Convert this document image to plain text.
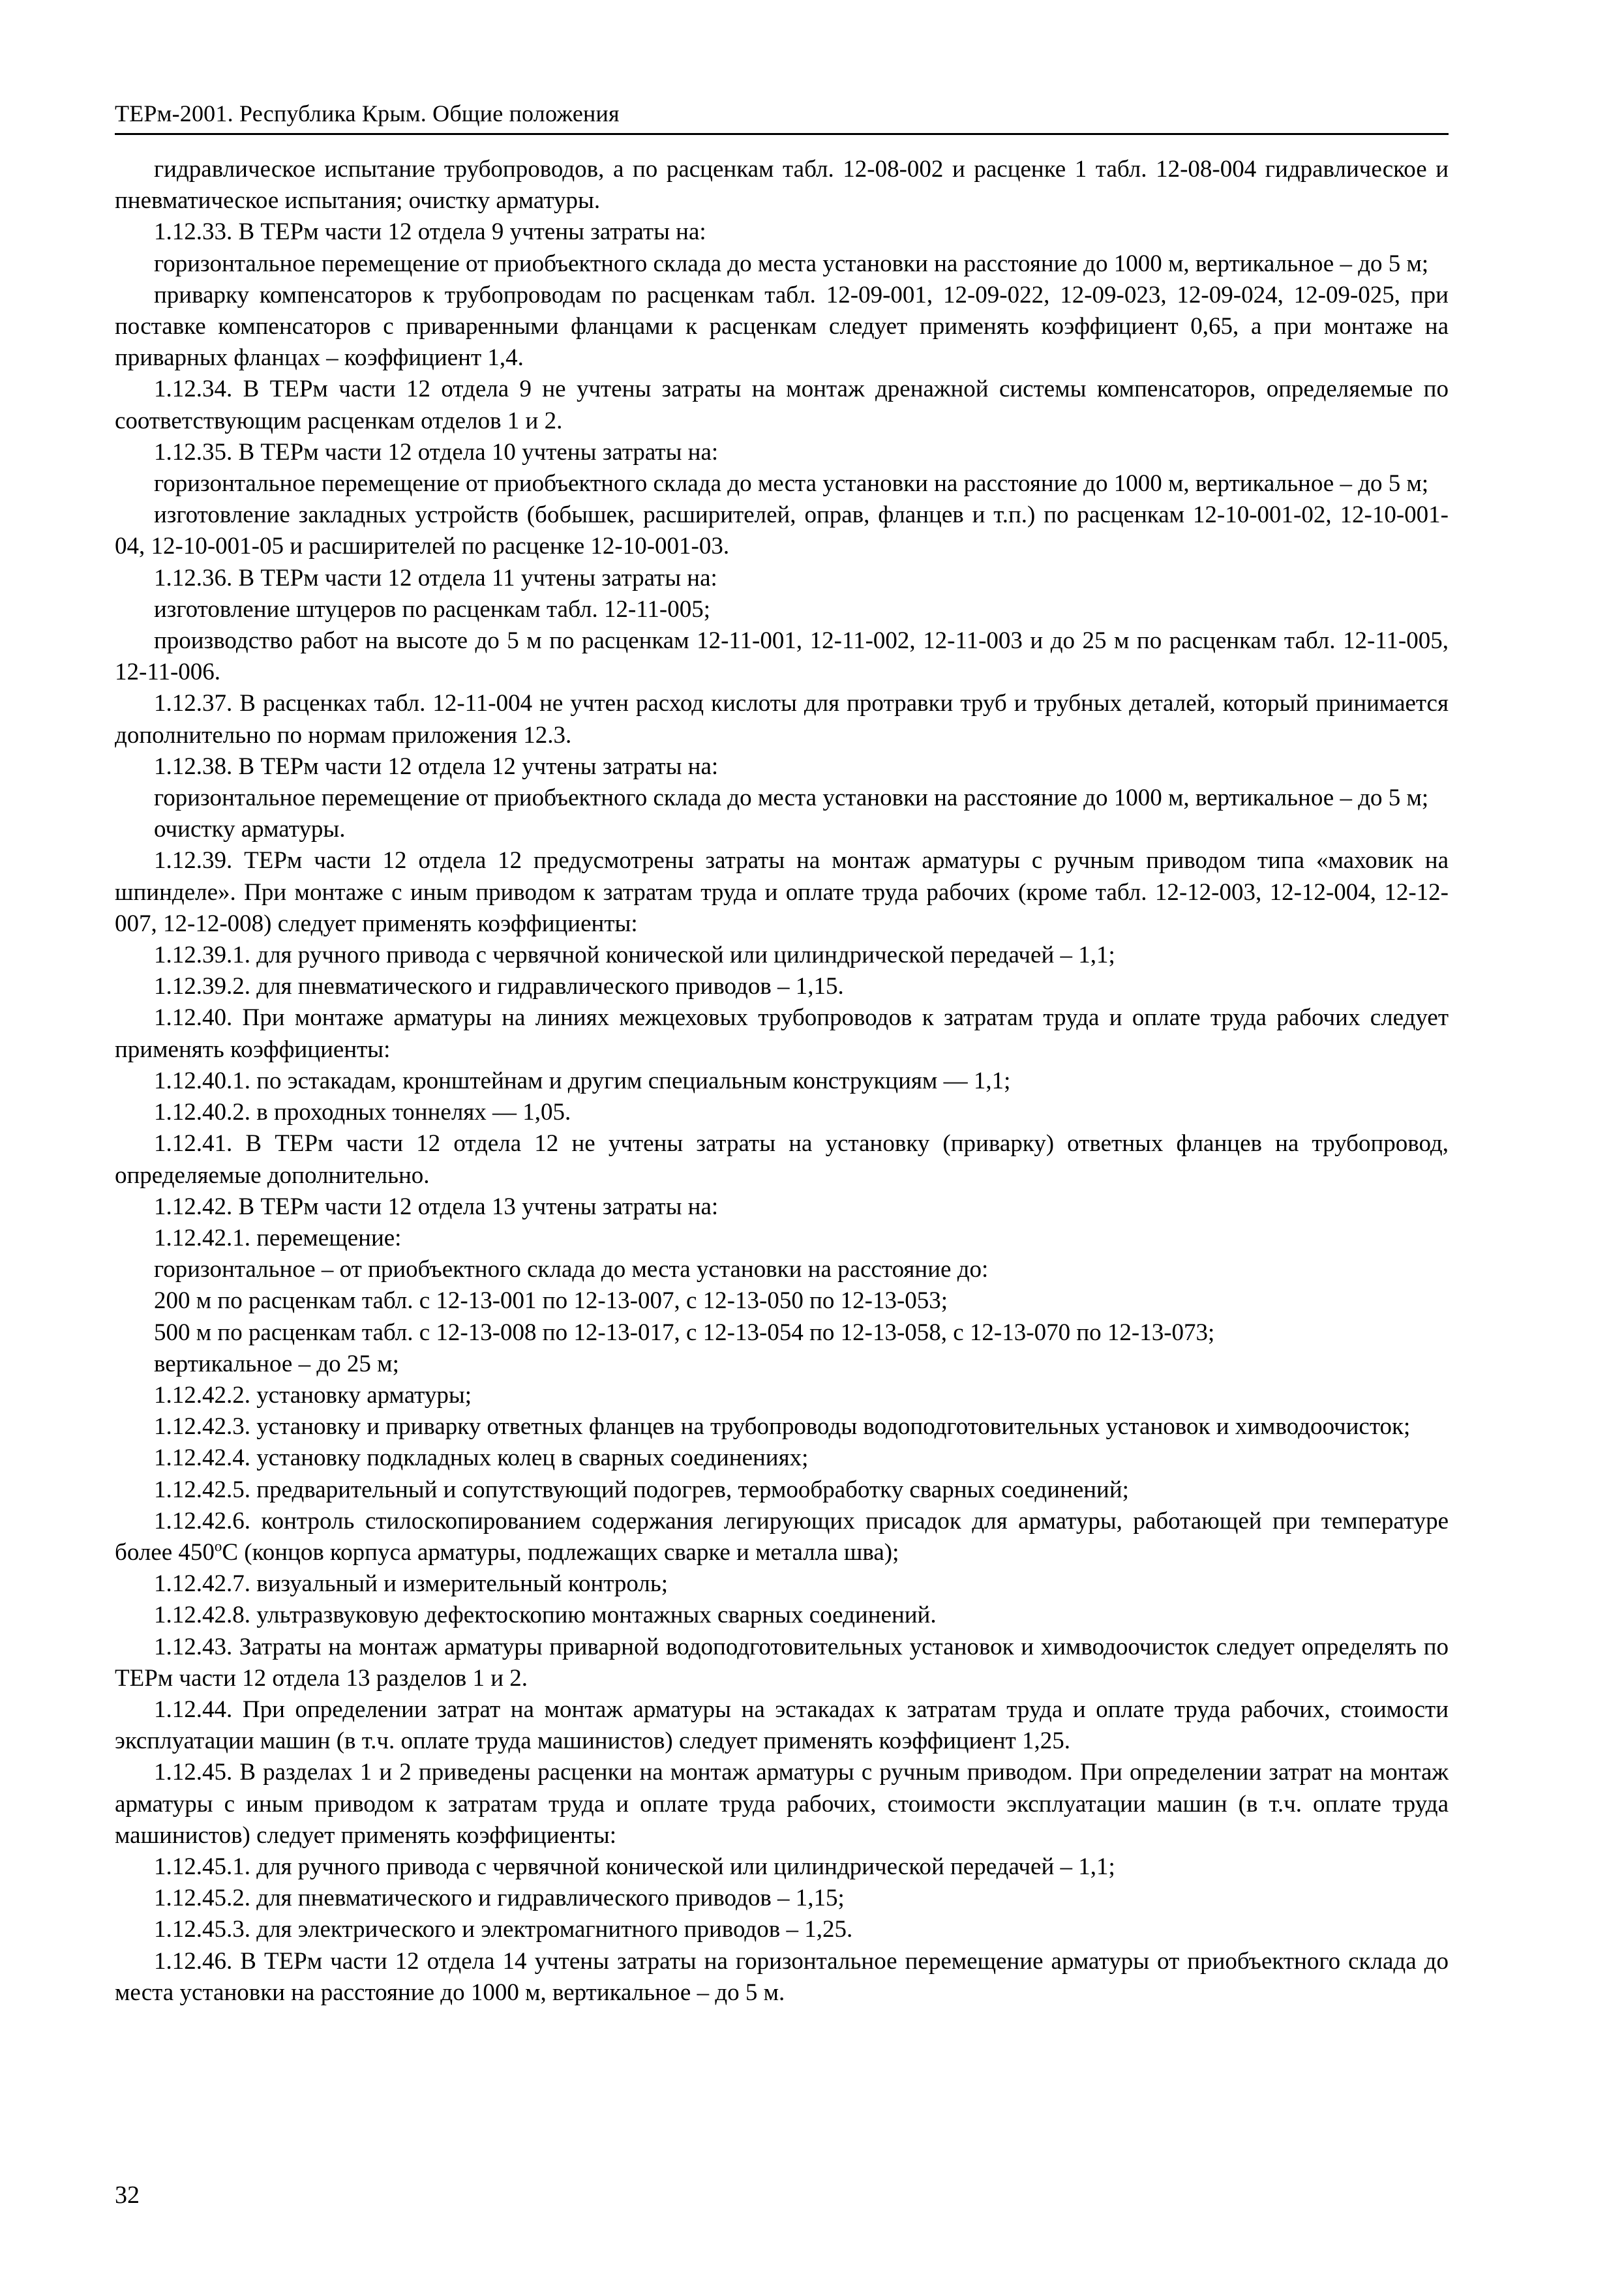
ТЕРм-2001. Республика Крым. Общие положения

гидравлическое испытание трубопроводов, а по расценкам табл. 12-08-002 и расценке 1 табл. 12-08-004 гидравлическое и пневматическое испытания; очистку арматуры.

1.12.33. В ТЕРм части 12 отдела 9 учтены затраты на:

горизонтальное перемещение от приобъектного склада до места установки на расстояние до 1000 м, вертикальное – до 5 м;

приварку компенсаторов к трубопроводам по расценкам табл. 12-09-001, 12-09-022, 12-09-023, 12-09-024, 12-09-025, при поставке компенсаторов с приваренными фланцами к расценкам следует применять коэффициент 0,65, а при монтаже на приварных фланцах – коэффициент 1,4.

1.12.34. В ТЕРм части 12 отдела 9 не учтены затраты на монтаж дренажной системы компенсаторов, определяемые по соответствующим расценкам отделов 1 и 2.

1.12.35. В ТЕРм части 12 отдела 10 учтены затраты на:

горизонтальное перемещение от приобъектного склада до места установки на расстояние до 1000 м, вертикальное – до 5 м;

изготовление закладных устройств (бобышек, расширителей, оправ, фланцев и т.п.) по расценкам 12-10-001-02, 12-10-001-04, 12-10-001-05 и расширителей по расценке 12-10-001-03.

1.12.36. В ТЕРм части 12 отдела 11 учтены затраты на:

изготовление штуцеров по расценкам табл. 12-11-005;

производство работ на высоте до 5 м по расценкам 12-11-001, 12-11-002, 12-11-003 и до 25 м по расценкам табл. 12-11-005, 12-11-006.

1.12.37. В расценках табл. 12-11-004 не учтен расход кислоты для протравки труб и трубных деталей, который принимается дополнительно по нормам приложения 12.3.

1.12.38. В ТЕРм части 12 отдела 12 учтены затраты на:

горизонтальное перемещение от приобъектного склада до места установки на расстояние до 1000 м, вертикальное – до 5 м;

очистку арматуры.

1.12.39. ТЕРм части 12 отдела 12 предусмотрены затраты на монтаж арматуры с ручным приводом типа «маховик на шпинделе». При монтаже с иным приводом к затратам труда и оплате труда рабочих (кроме табл. 12-12-003, 12-12-004, 12-12-007, 12-12-008) следует применять коэффициенты:

1.12.39.1. для ручного привода с червячной конической или цилиндрической передачей – 1,1;

1.12.39.2. для пневматического и гидравлического приводов – 1,15.

1.12.40. При монтаже арматуры на линиях межцеховых трубопроводов к затратам труда и оплате труда рабочих следует применять коэффициенты:

1.12.40.1. по эстакадам, кронштейнам и другим специальным конструкциям — 1,1;

1.12.40.2. в проходных тоннелях — 1,05.

1.12.41. В ТЕРм части 12 отдела 12 не учтены затраты на установку (приварку) ответных фланцев на трубопровод, определяемые дополнительно.

1.12.42. В ТЕРм части 12 отдела 13 учтены затраты на:

1.12.42.1. перемещение:

горизонтальное – от приобъектного склада до места установки на расстояние до:

200 м по расценкам табл. с 12-13-001 по 12-13-007, с 12-13-050 по 12-13-053;

500 м по расценкам табл. с 12-13-008 по 12-13-017, с 12-13-054 по 12-13-058, с 12-13-070 по 12-13-073;

вертикальное – до 25 м;

1.12.42.2. установку арматуры;

1.12.42.3. установку и приварку ответных фланцев на трубопроводы водоподготовительных установок и химводоочисток;

1.12.42.4. установку подкладных колец в сварных соединениях;

1.12.42.5. предварительный и сопутствующий подогрев, термообработку сварных соединений;

1.12.42.6. контроль стилоскопированием содержания легирующих присадок для арматуры, работающей при температуре более 450$^o$С (концов корпуса арматуры, подлежащих сварке и металла шва);

1.12.42.7. визуальный и измерительный контроль;

1.12.42.8. ультразвуковую дефектоскопию монтажных сварных соединений.

1.12.43. Затраты на монтаж арматуры приварной водоподготовительных установок и химводоочисток следует определять по ТЕРм части 12 отдела 13 разделов 1 и 2.

1.12.44. При определении затрат на монтаж арматуры на эстакадах к затратам труда и оплате труда рабочих, стоимости эксплуатации машин (в т.ч. оплате труда машинистов) следует применять коэффициент 1,25.

1.12.45. В разделах 1 и 2 приведены расценки на монтаж арматуры с ручным приводом. При определении затрат на монтаж арматуры с иным приводом к затратам труда и оплате труда рабочих, стоимости эксплуатации машин (в т.ч. оплате труда машинистов) следует применять коэффициенты:

1.12.45.1. для ручного привода с червячной конической или цилиндрической передачей – 1,1;

1.12.45.2. для пневматического и гидравлического приводов – 1,15;

1.12.45.3. для электрического и электромагнитного приводов – 1,25.

1.12.46. В ТЕРм части 12 отдела 14 учтены затраты на горизонтальное перемещение арматуры от приобъектного склада до места установки на расстояние до 1000 м, вертикальное – до 5 м.

32
